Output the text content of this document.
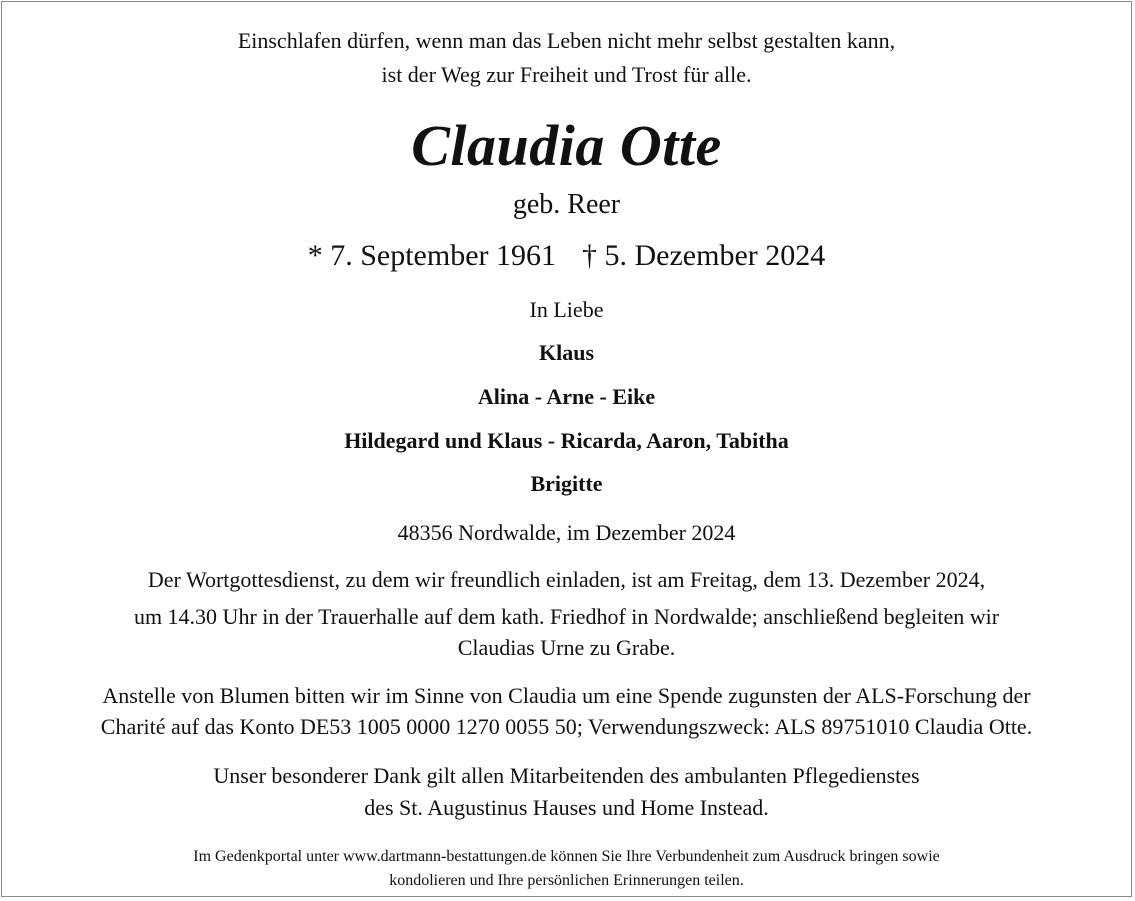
Einschlafen dürfen, wenn man das Leben nicht mehr selbst gestalten kann,

ist der Weg zur Freiheit und Trost für alle.

Claudia Otte

geb. Reer

* 7. September 1961 † 5. Dezember 2024

In Liebe

Klaus

Alina - Arne - Eike

Hildegard und Klaus - Ricarda, Aaron, Tabitha

Brigitte

48356 Nordwalde, im Dezember 2024

Der Wortgottesdienst, zu dem wir freundlich einladen, ist am Freitag, dem 13. Dezember 2024,

um 14.30 Uhr in der Trauerhalle auf dem kath. Friedhof in Nordwalde; anschließend begleiten wir

Claudias Urne zu Grabe.

Anstelle von Blumen bitten wir im Sinne von Claudia um eine Spende zugunsten der ALS-Forschung der

Charité auf das Konto DE53 1005 0000 1270 0055 50; Verwendungszweck: ALS 89751010 Claudia Otte.

Unser besonderer Dank gilt allen Mitarbeitenden des ambulanten Pflegedienstes

des St. Augustinus Hauses und Home Instead.

Im Gedenkportal unter www.dartmann-bestattungen.de können Sie Ihre Verbundenheit zum Ausdruck bringen sowie

kondolieren und Ihre persönlichen Erinnerungen teilen.
